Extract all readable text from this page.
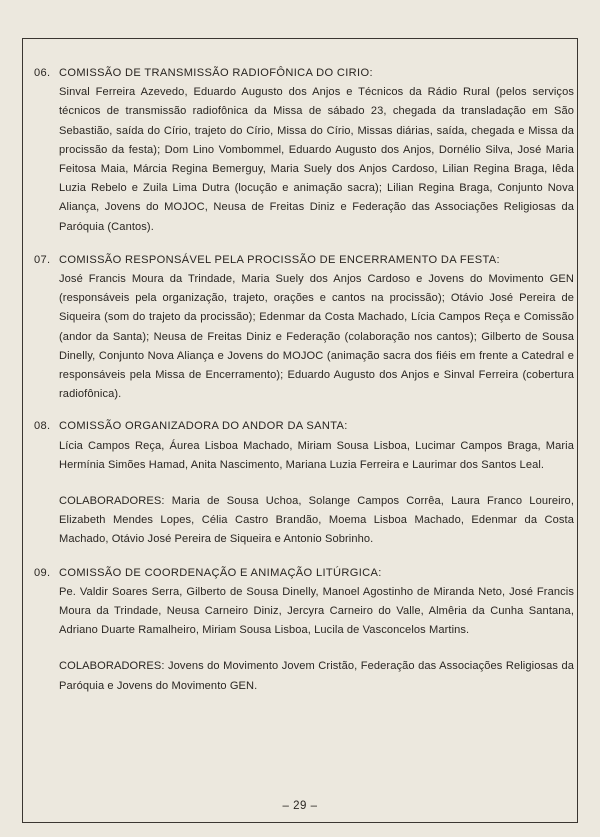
06. COMISSÃO DE TRANSMISSÃO RADIOFÔNICA DO CIRIO:
Sinval Ferreira Azevedo, Eduardo Augusto dos Anjos e Técnicos da Rádio Rural (pelos serviços técnicos de transmissão radiofônica da Missa de sábado 23, chegada da transladação em São Sebastião, saída do Círio, trajeto do Círio, Missa do Círio, Missas diárias, saída, chegada e Missa da procissão da festa); Dom Lino Vombommel, Eduardo Augusto dos Anjos, Dornélio Silva, José Maria Feitosa Maia, Márcia Regina Bemerguy, Maria Suely dos Anjos Cardoso, Lilian Regina Braga, Iêda Luzia Rebelo e Zuila Lima Dutra (locução e animação sacra); Lilian Regina Braga, Conjunto Nova Aliança, Jovens do MOJOC, Neusa de Freitas Diniz e Federação das Associações Religiosas da Paróquia (Cantos).
07. COMISSÃO RESPONSÁVEL PELA PROCISSÃO DE ENCERRAMENTO DA FESTA:
José Francis Moura da Trindade, Maria Suely dos Anjos Cardoso e Jovens do Movimento GEN (responsáveis pela organização, trajeto, orações e cantos na procissão); Otávio José Pereira de Siqueira (som do trajeto da procissão); Edenmar da Costa Machado, Lícia Campos Reça e Comissão (andor da Santa); Neusa de Freitas Diniz e Federação (colaboração nos cantos); Gilberto de Sousa Dinelly, Conjunto Nova Aliança e Jovens do MOJOC (animação sacra dos fiéis em frente a Catedral e responsáveis pela Missa de Encerramento); Eduardo Augusto dos Anjos e Sinval Ferreira (cobertura radiofônica).
08. COMISSÃO ORGANIZADORA DO ANDOR DA SANTA:
Lícia Campos Reça, Áurea Lisboa Machado, Miriam Sousa Lisboa, Lucimar Campos Braga, Maria Hermínia Simões Hamad, Anita Nascimento, Mariana Luzia Ferreira e Laurimar dos Santos Leal.
COLABORADORES: Maria de Sousa Uchoa, Solange Campos Corrêa, Laura Franco Loureiro, Elizabeth Mendes Lopes, Célia Castro Brandão, Moema Lisboa Machado, Edenmar da Costa Machado, Otávio José Pereira de Siqueira e Antonio Sobrinho.
09. COMISSÃO DE COORDENAÇÃO E ANIMAÇÃO LITÚRGICA:
Pe. Valdir Soares Serra, Gilberto de Sousa Dinelly, Manoel Agostinho de Miranda Neto, José Francis Moura da Trindade, Neusa Carneiro Diniz, Jercyra Carneiro do Valle, Almêria da Cunha Santana, Adriano Duarte Ramalheiro, Miriam Sousa Lisboa, Lucila de Vasconcelos Martins.
COLABORADORES: Jovens do Movimento Jovem Cristão, Federação das Associações Religiosas da Paróquia e Jovens do Movimento GEN.
– 29 –
